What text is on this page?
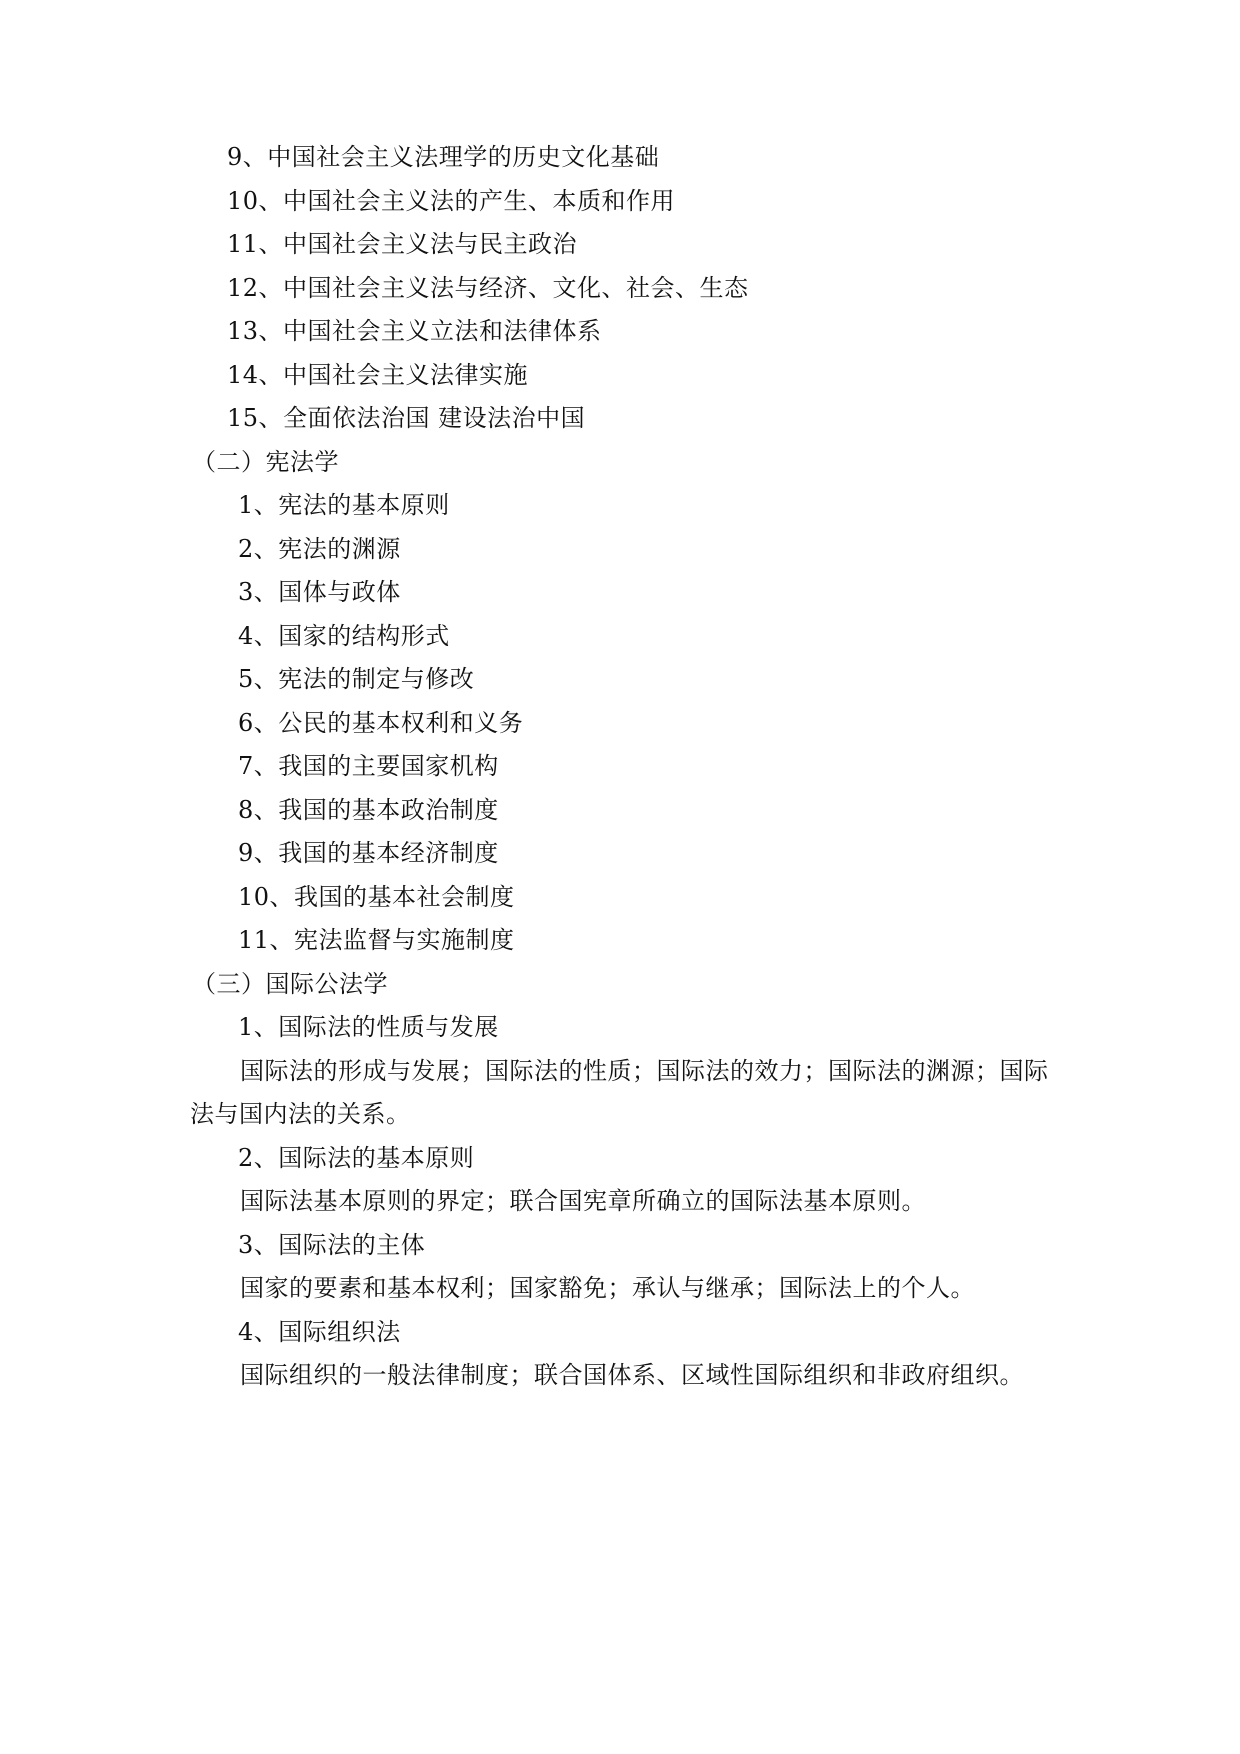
9、中国社会主义法理学的历史文化基础
10、中国社会主义法的产生、本质和作用
11、中国社会主义法与民主政治
12、中国社会主义法与经济、文化、社会、生态
13、中国社会主义立法和法律体系
14、中国社会主义法律实施
15、全面依法治国 建设法治中国
（二）宪法学
1、宪法的基本原则
2、宪法的渊源
3、国体与政体
4、国家的结构形式
5、宪法的制定与修改
6、公民的基本权利和义务
7、我国的主要国家机构
8、我国的基本政治制度
9、我国的基本经济制度
10、我国的基本社会制度
11、宪法监督与实施制度
（三）国际公法学
1、国际法的性质与发展
国际法的形成与发展；国际法的性质；国际法的效力；国际法的渊源；国际
法与国内法的关系。
2、国际法的基本原则
国际法基本原则的界定；联合国宪章所确立的国际法基本原则。
3、国际法的主体
国家的要素和基本权利；国家豁免；承认与继承；国际法上的个人。
4、国际组织法
国际组织的一般法律制度；联合国体系、区域性国际组织和非政府组织。
